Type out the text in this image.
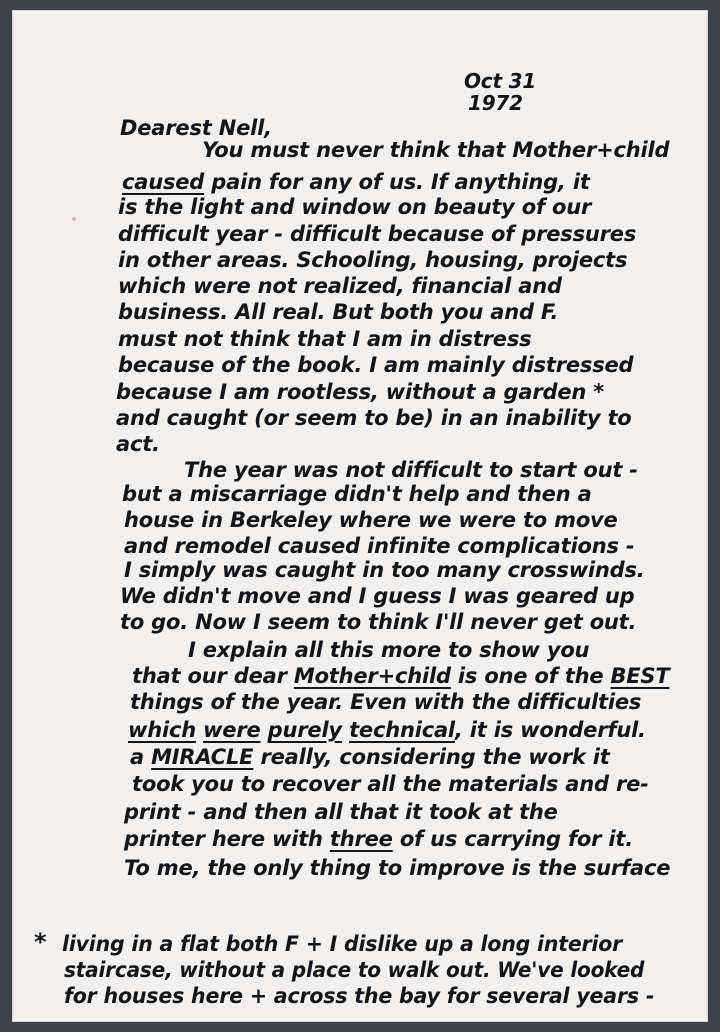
Oct 31
1972
Dearest Nell,
You must never think that Mother+child
caused pain for any of us. If anything, it
is the light and window on beauty of our
difficult year - difficult because of pressures
in other areas. Schooling, housing, projects
which were not realized, financial and
business. All real. But both you and F.
must not think that I am in distress
because of the book. I am mainly distressed
because I am rootless, without a garden *
and caught (or seem to be) in an inability to
act.
The year was not difficult to start out -
but a miscarriage didn't help and then a
house in Berkeley where we were to move
and remodel caused infinite complications -
I simply was caught in too many crosswinds.
We didn't move and I guess I was geared up
to go. Now I seem to think I'll never get out.
I explain all this more to show you
that our dear Mother+child is one of the BEST
things of the year. Even with the difficulties
which were purely technical, it is wonderful.
a MIRACLE really, considering the work it
took you to recover all the materials and re-
print - and then all that it took at the
printer here with three of us carrying for it.
To me, the only thing to improve is the surface
* living in a flat both F + I dislike up a long interior
staircase, without a place to walk out. We've looked
for houses here + across the bay for several years -
